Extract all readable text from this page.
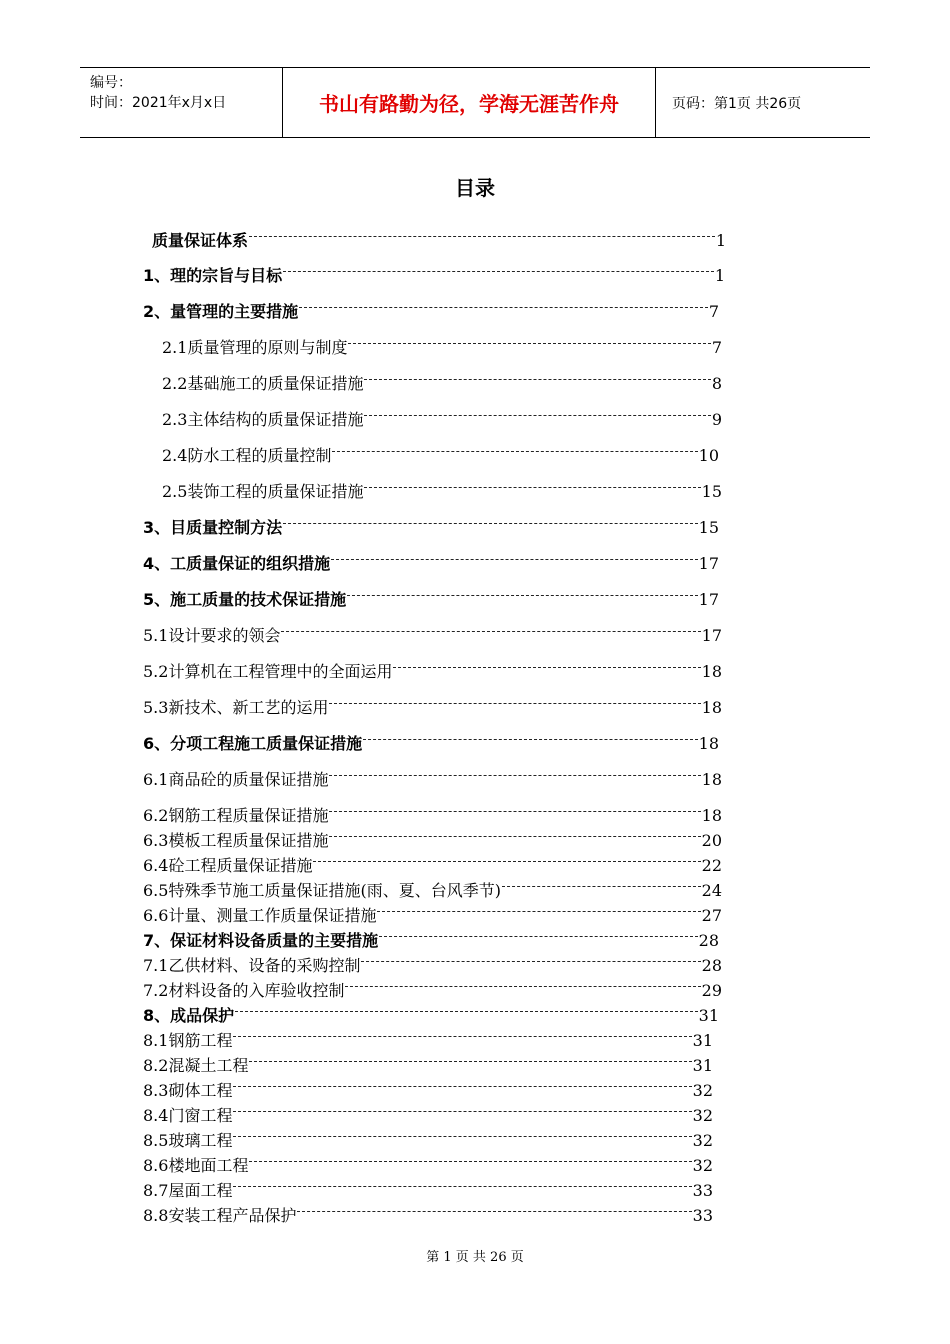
编号：
时间：2021年x月x日	书山有路勤为径，学海无涯苦作舟	页码：第1页 共26页
目录
质量保证体系	1
1、理的宗旨与目标	1
2、量管理的主要措施	7
2.1质量管理的原则与制度	7
2.2基础施工的质量保证措施	8
2.3主体结构的质量保证措施	9
2.4防水工程的质量控制	10
2.5装饰工程的质量保证措施	15
3、目质量控制方法	15
4、工质量保证的组织措施	17
5、施工质量的技术保证措施	17
5.1设计要求的领会	17
5.2计算机在工程管理中的全面运用	18
5.3新技术、新工艺的运用	18
6、分项工程施工质量保证措施	18
6.1商品砼的质量保证措施	18
6.2钢筋工程质量保证措施	18
6.3模板工程质量保证措施	20
6.4砼工程质量保证措施	22
6.5特殊季节施工质量保证措施(雨、夏、台风季节)	24
6.6计量、测量工作质量保证措施	27
7、保证材料设备质量的主要措施	28
7.1乙供材料、设备的采购控制	28
7.2材料设备的入库验收控制	29
8、成品保护	31
8.1钢筋工程	31
8.2混凝土工程	31
8.3砌体工程	32
8.4门窗工程	32
8.5玻璃工程	32
8.6楼地面工程	32
8.7屋面工程	33
8.8安装工程产品保护	33
第 1 页 共 26 页
